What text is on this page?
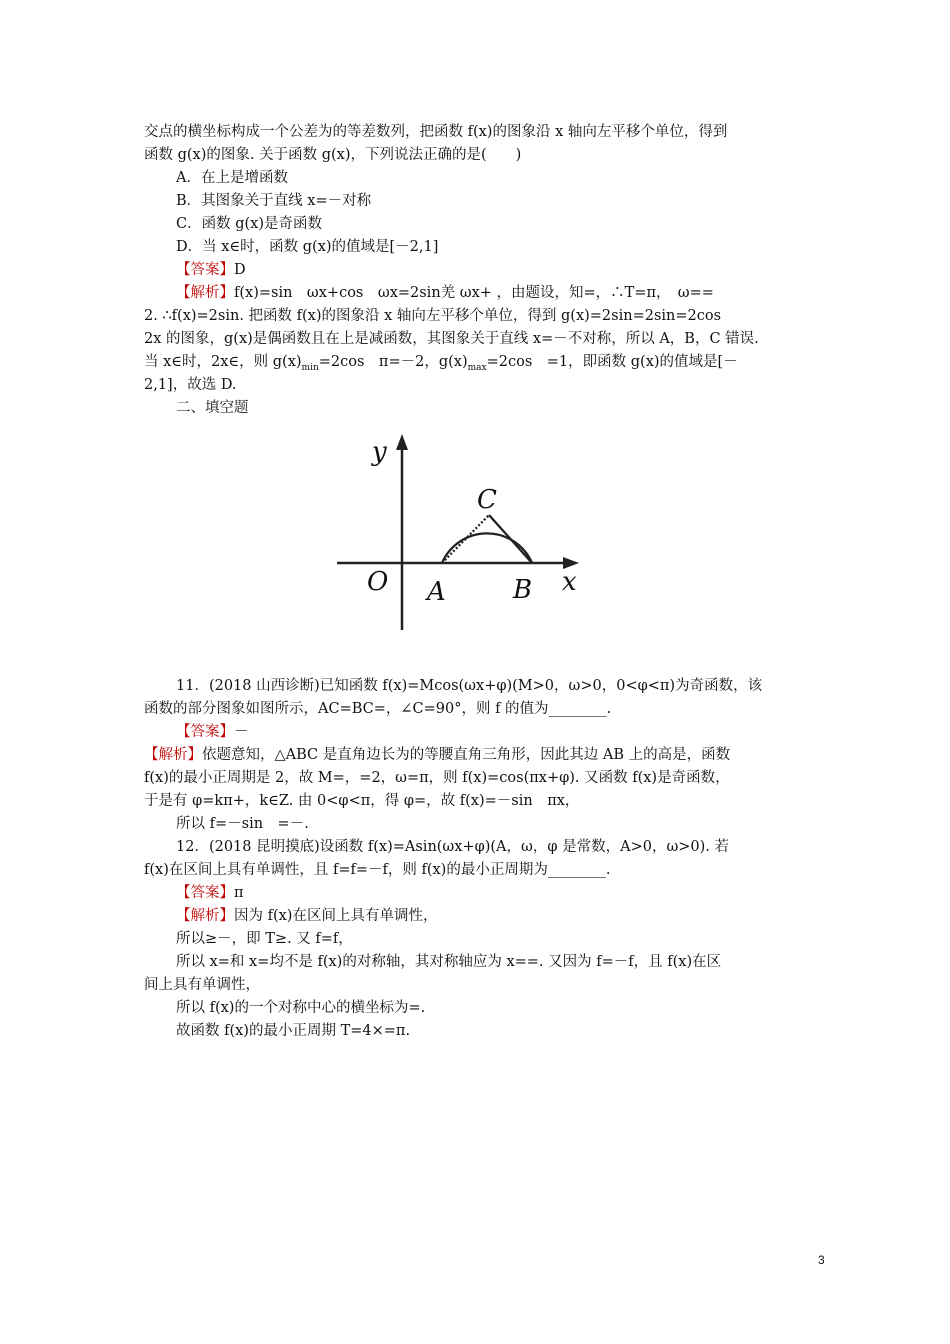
交点的横坐标构成一个公差为的等差数列，把函数 f(x)的图象沿 x 轴向左平移个单位，得到
函数 g(x)的图象. 关于函数 g(x)，下列说法正确的是(　　)
A．在上是增函数
B．其图象关于直线 x=－对称
C．函数 g(x)是奇函数
D．当 x∈时，函数 g(x)的值域是[－2,1]
【答案】D
【解析】f(x)=sin　ωx+cos　ωx=2sin羌 ωx+ ，由题设，知=，∴T=π，　ω==
2. ∴f(x)=2sin. 把函数 f(x)的图象沿 x 轴向左平移个单位，得到 g(x)=2sin=2sin=2cos
2x 的图象，g(x)是偶函数且在上是减函数，其图象关于直线 x=－不对称，所以 A，B，C 错误.
当 x∈时，2x∈，则 $g(x)_{min}=2\cos$　π=－2，$g(x)_{max}=2\cos$　=1，即函数 g(x)的值域是[－
2,1]，故选 D.
二、填空题
y
x
O A	B
C
11．(2018 山西诊断)已知函数 f(x)=Mcos(ωx+φ)(M>0，ω>0，0<φ<π)为奇函数，该
函数的部分图象如图所示，AC=BC=，∠C=90°，则 f 的值为________.
【答案】－
【解析】依题意知，△ABC 是直角边长为的等腰直角三角形，因此其边 AB 上的高是，函数
f(x)的最小正周期是 2，故 M=，=2，ω=π，则 f(x)=cos(πx+φ). 又函数 f(x)是奇函数，
于是有 φ=kπ+，k∈Z. 由 0<φ<π，得 φ=，故 f(x)=－sin　πx，
所以 f=－sin　=－.
12．(2018 昆明摸底)设函数 f(x)=Asin(ωx+φ)(A，ω，φ 是常数，A>0，ω>0). 若
f(x)在区间上具有单调性，且 f=f=－f，则 f(x)的最小正周期为________.
【答案】π
【解析】因为 f(x)在区间上具有单调性，
所以≥－，即 T≥. 又 f=f，
所以 x=和 x=均不是 f(x)的对称轴，其对称轴应为 x==. 又因为 f=－f，且 f(x)在区
间上具有单调性，
所以 f(x)的一个对称中心的横坐标为=.
故函数 f(x)的最小正周期 T=4×=π.
3
